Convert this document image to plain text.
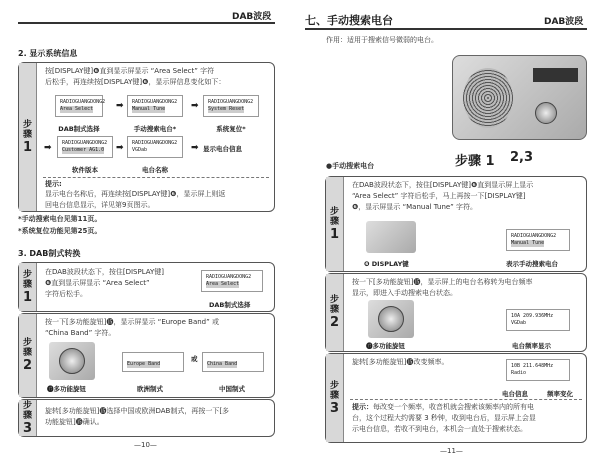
DAB波段
2. 显示系统信息
步骤
1
按[DISPLAY键]❻直到显示屏显示 “Area Select” 字符
后松手，再连续按[DISPLAY键]❻，显示屏信息变化如下：
RADIOGUANGDONG2
Area Select
DAB制式选择
➡ RADIOGUANGDONG2
Manual Tune
手动搜索电台*
➡ RADIOGUANGDONG2
System Reset
系统复位*
➡ RADIOGUANGDONG2
Customer AG1.0
软件版本
➡ RADIOGUANGDONG2
VGDab
电台名称
➡ 显示电台信息
提示:
显示电台名称后，再连续按[DISPLAY键]❻，显示屏上则返
回电台信息显示，详见第9页图示。
*手动搜索电台见第11页。
*系统复位功能见第25页。
3. DAB制式转换
步骤
1
在DAB波段状态下，按住[DISPLAY键]
❻直到显示屏显示 “Area Select”
字符后松手。
RADIOGUANGDONG2
Area Select
DAB制式选择
步骤
2
按一下[多功能旋钮]⓯，显示屏显示 “Europe Band” 或
“China Band” 字符。
⓯多功能旋钮
Europe Band
欧洲制式
或
China Band
中国制式
步骤
3
旋转[多功能旋钮]⓯选择中国或欧洲DAB制式，再按一下[多
功能旋钮]⓯确认。
—10—
七、手动搜索电台	DAB波段
作用：适用于搜索信号微弱的电台。
步骤 1 2,3
●手动搜索电台
步骤
1
在DAB波段状态下，按住[DISPLAY键]❻直到显示屏上显示
“Area Select” 字符后松手，马上再按一下[DISPLAY键]
❻，显示屏显示 “Manual Tune” 字符。
❻ DISPLAY键
RADIOGUANGDONG2
Manual Tune
表示手动搜索电台
步骤
2
按一下[多功能旋钮]⓯，显示屏上的电台名称转为电台频率
显示，即进入手动搜索电台状态。
⓯多功能旋钮
10A 209.936MHz
VGDab
电台频率显示
步骤
3
旋转[多功能旋钮]⓯改变频率。	10B 211.648MHz
Radio
电台信息	频率变化
提示：每改变一个频率，收音机就会搜索该频率内的所有电
台，这个过程大约需要 3 秒钟，收到电台后，显示屏上会显
示电台信息，若收不到电台，本机会一直处于搜索状态。
—11—
